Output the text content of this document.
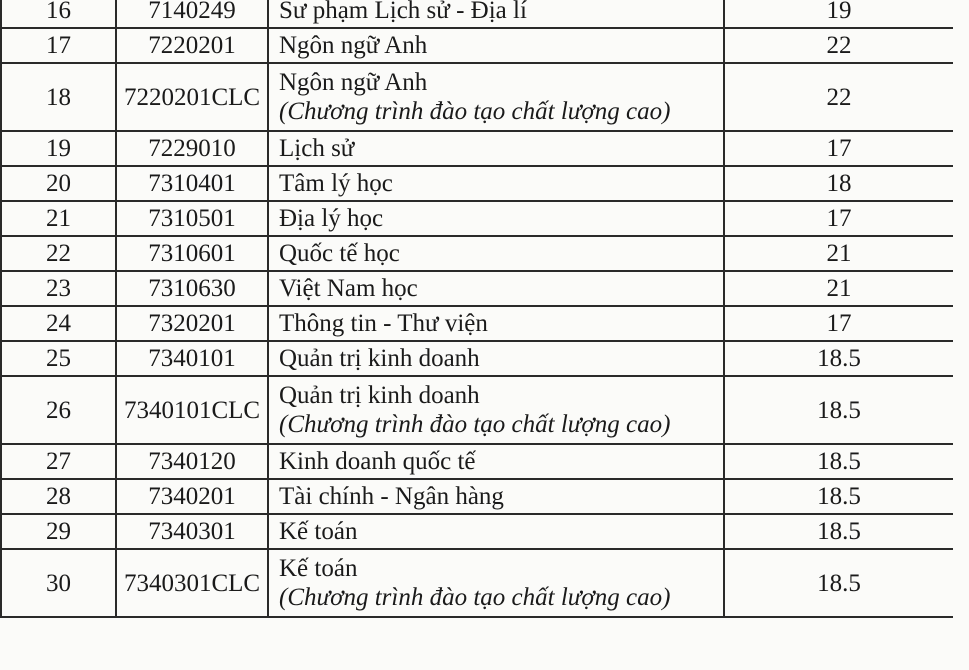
16	7140249	Sư phạm Lịch sử - Địa lí	19
17	7220201	Ngôn ngữ Anh	22
18	7220201CLC	Ngôn ngữ Anh
(Chương trình đào tạo chất lượng cao)	22
19	7229010	Lịch sử	17
20	7310401	Tâm lý học	18
21	7310501	Địa lý học	17
22	7310601	Quốc tế học	21
23	7310630	Việt Nam học	21
24	7320201	Thông tin - Thư viện	17
25	7340101	Quản trị kinh doanh	18.5
26	7340101CLC	Quản trị kinh doanh
(Chương trình đào tạo chất lượng cao)	18.5
27	7340120	Kinh doanh quốc tế	18.5
28	7340201	Tài chính - Ngân hàng	18.5
29	7340301	Kế toán	18.5
30	7340301CLC	Kế toán
(Chương trình đào tạo chất lượng cao)	18.5
